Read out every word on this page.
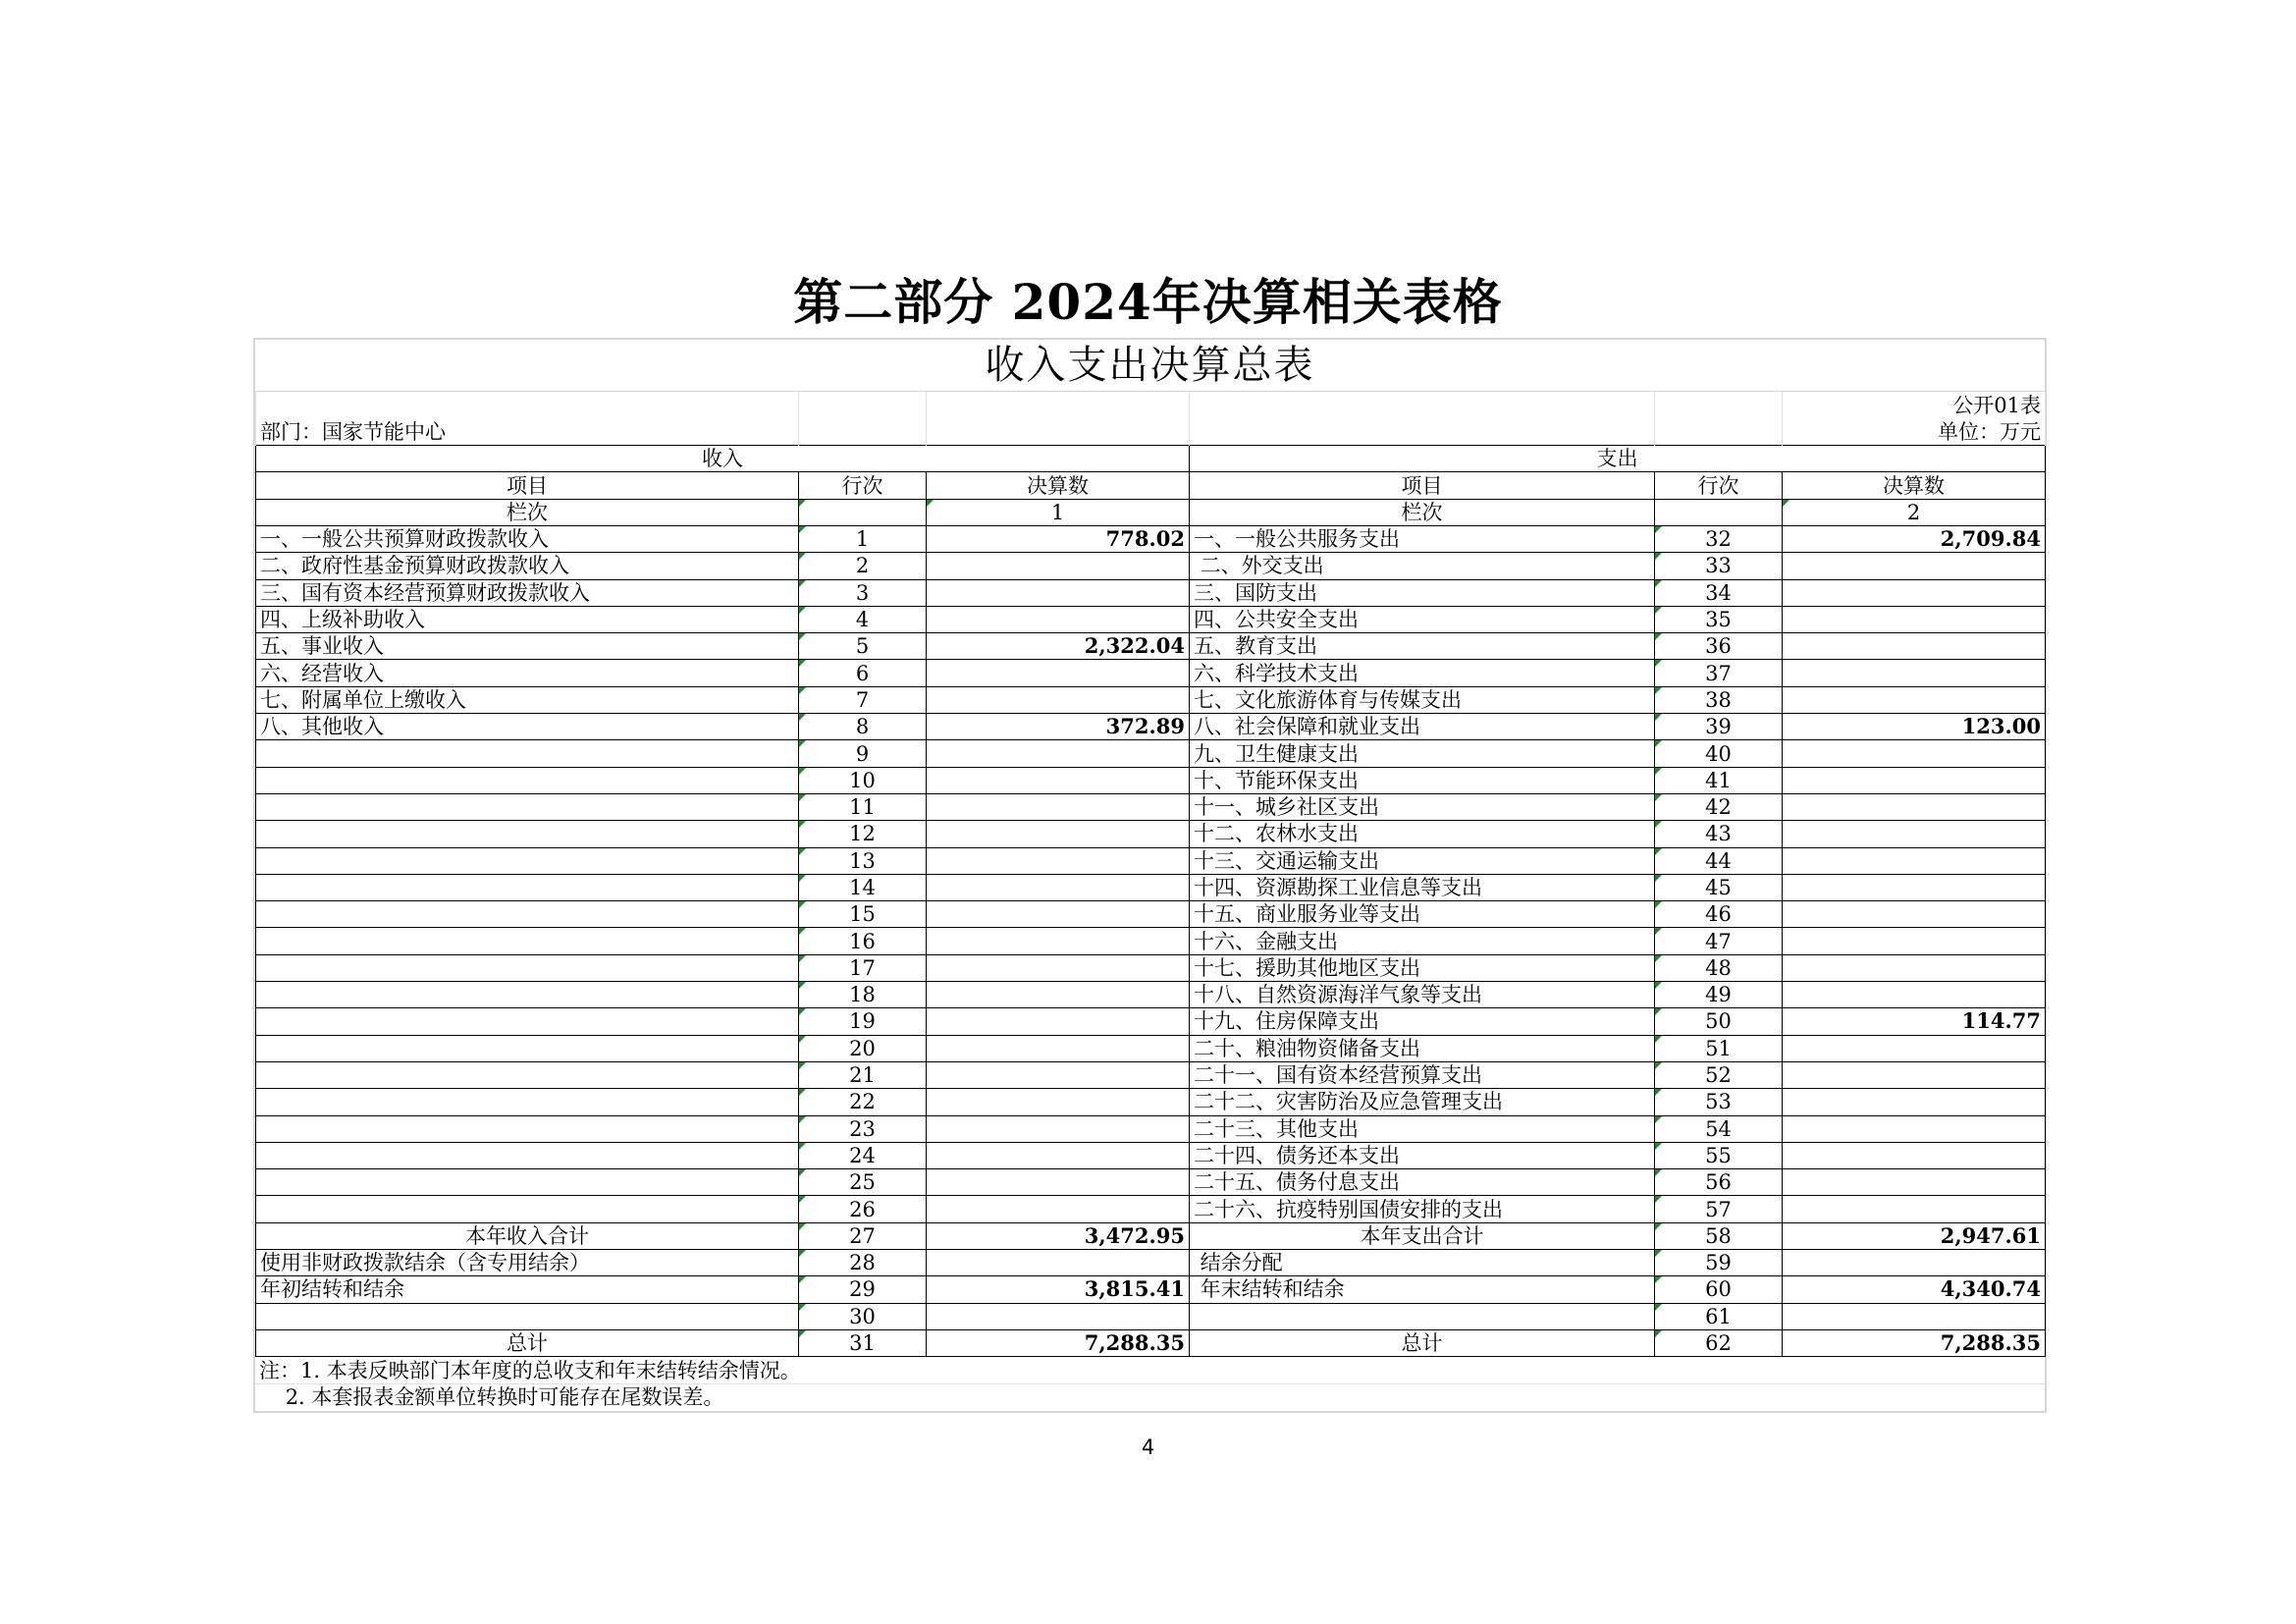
第二部分 2024年决算相关表格
收入支出决算总表
					公开01表
部门：国家节能中心					单位：万元
收入			支出		
项目	行次	决算数	项目	行次	决算数
栏次		1	栏次		2
一、一般公共预算财政拨款收入	1	778.02	一、一般公共服务支出	32	2,709.84
二、政府性基金预算财政拨款收入	2		二、外交支出	33	
三、国有资本经营预算财政拨款收入	3		三、国防支出	34	
四、上级补助收入	4		四、公共安全支出	35	
五、事业收入	5	2,322.04	五、教育支出	36	
六、经营收入	6		六、科学技术支出	37	
七、附属单位上缴收入	7		七、文化旅游体育与传媒支出	38	
八、其他收入	8	372.89	八、社会保障和就业支出	39	123.00
	9		九、卫生健康支出	40	
	10		十、节能环保支出	41	
	11		十一、城乡社区支出	42	
	12		十二、农林水支出	43	
	13		十三、交通运输支出	44	
	14		十四、资源勘探工业信息等支出	45	
	15		十五、商业服务业等支出	46	
	16		十六、金融支出	47	
	17		十七、援助其他地区支出	48	
	18		十八、自然资源海洋气象等支出	49	
	19		十九、住房保障支出	50	114.77
	20		二十、粮油物资储备支出	51	
	21		二十一、国有资本经营预算支出	52	
	22		二十二、灾害防治及应急管理支出	53	
	23		二十三、其他支出	54	
	24		二十四、债务还本支出	55	
	25		二十五、债务付息支出	56	
	26		二十六、抗疫特别国债安排的支出	57	
本年收入合计	27	3,472.95	本年支出合计	58	2,947.61
使用非财政拨款结余（含专用结余）	28		结余分配	59	
年初结转和结余	29	3,815.41	年末结转和结余	60	4,340.74
	30			61	
总计	31	7,288.35	总计	62	7,288.35
注：1. 本表反映部门本年度的总收支和年末结转结余情况。
2. 本套报表金额单位转换时可能存在尾数误差。
4
